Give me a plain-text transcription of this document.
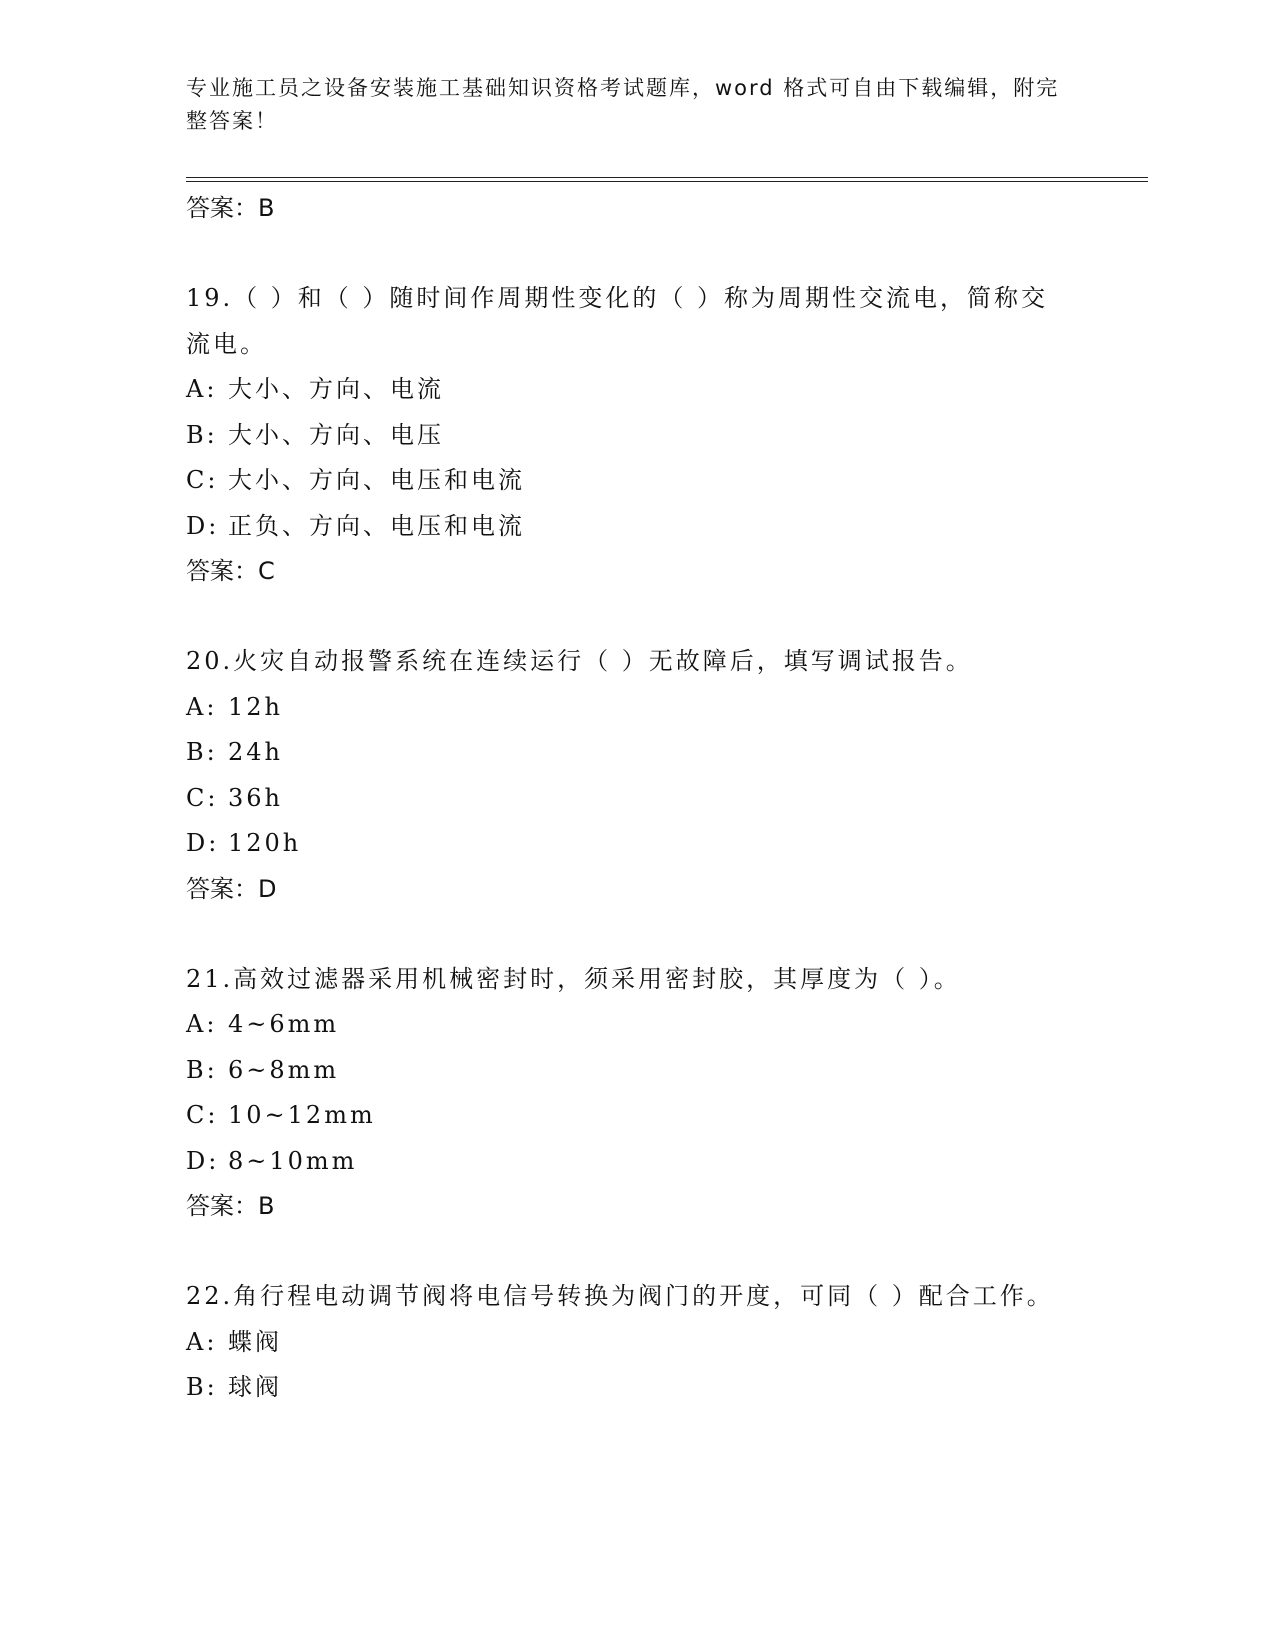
专业施工员之设备安装施工基础知识资格考试题库，word 格式可自由下载编辑，附完整答案！
答案：B
19.（ ）和（ ）随时间作周期性变化的（ ）称为周期性交流电，简称交流电。
A: 大小、方向、电流
B: 大小、方向、电压
C: 大小、方向、电压和电流
D: 正负、方向、电压和电流
答案：C
20.火灾自动报警系统在连续运行（ ）无故障后，填写调试报告。
A: 12h
B: 24h
C: 36h
D: 120h
答案：D
21.高效过滤器采用机械密封时，须采用密封胶，其厚度为（ ）。
A: 4~6mm
B: 6~8mm
C: 10~12mm
D: 8~10mm
答案：B
22.角行程电动调节阀将电信号转换为阀门的开度，可同（ ）配合工作。
A: 蝶阀
B: 球阀
